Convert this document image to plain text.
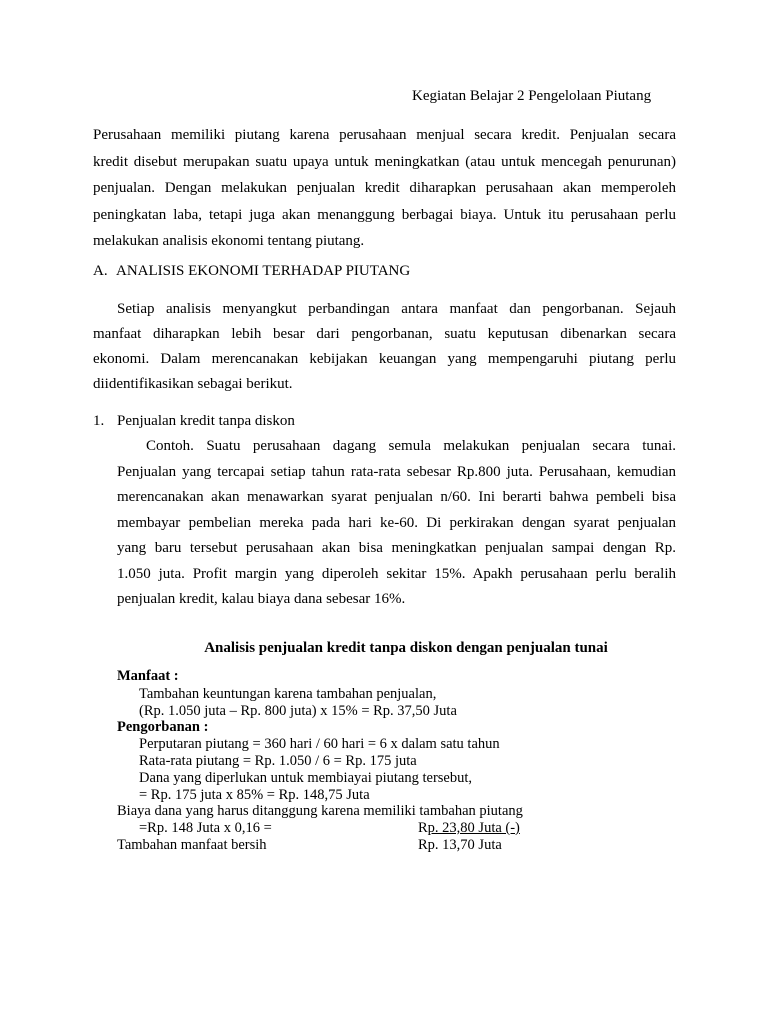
Kegiatan Belajar 2 Pengelolaan Piutang
Perusahaan memiliki piutang karena perusahaan menjual secara kredit. Penjualan secara
kredit disebut merupakan suatu upaya untuk meningkatkan (atau untuk mencegah penurunan)
penjualan. Dengan melakukan penjualan kredit diharapkan perusahaan akan memperoleh
peningkatan laba, tetapi juga akan menanggung berbagai biaya. Untuk itu perusahaan perlu
melakukan analisis ekonomi tentang piutang.
A. ANALISIS EKONOMI TERHADAP PIUTANG
Setiap analisis menyangkut perbandingan antara manfaat dan pengorbanan. Sejauh
manfaat diharapkan lebih besar dari pengorbanan, suatu keputusan dibenarkan secara
ekonomi. Dalam merencanakan kebijakan keuangan yang mempengaruhi piutang perlu
diidentifikasikan sebagai berikut.
1. Penjualan kredit tanpa diskon
Contoh. Suatu perusahaan dagang semula melakukan penjualan secara tunai.
Penjualan yang tercapai setiap tahun rata-rata sebesar Rp.800 juta. Perusahaan, kemudian
merencanakan akan menawarkan syarat penjualan n/60. Ini berarti bahwa pembeli bisa
membayar pembelian mereka pada hari ke-60. Di perkirakan dengan syarat penjualan
yang baru tersebut perusahaan akan bisa meningkatkan penjualan sampai dengan Rp.
1.050 juta. Profit margin yang diperoleh sekitar 15%. Apakh perusahaan perlu beralih
penjualan kredit, kalau biaya dana sebesar 16%.
Analisis penjualan kredit tanpa diskon dengan penjualan tunai
Manfaat :
Tambahan keuntungan karena tambahan penjualan,
(Rp. 1.050 juta – Rp. 800 juta) x 15% = Rp. 37,50 Juta
Pengorbanan :
Perputaran piutang = 360 hari / 60 hari = 6 x dalam satu tahun
Rata-rata piutang = Rp. 1.050 / 6 = Rp. 175 juta
Dana yang diperlukan untuk membiayai piutang tersebut,
= Rp. 175 juta x 85% = Rp. 148,75 Juta
Biaya dana yang harus ditanggung karena memiliki tambahan piutang
=Rp. 148 Juta x 0,16 =	Rp. 23,80 Juta (-)
Tambahan manfaat bersih	Rp. 13,70 Juta
